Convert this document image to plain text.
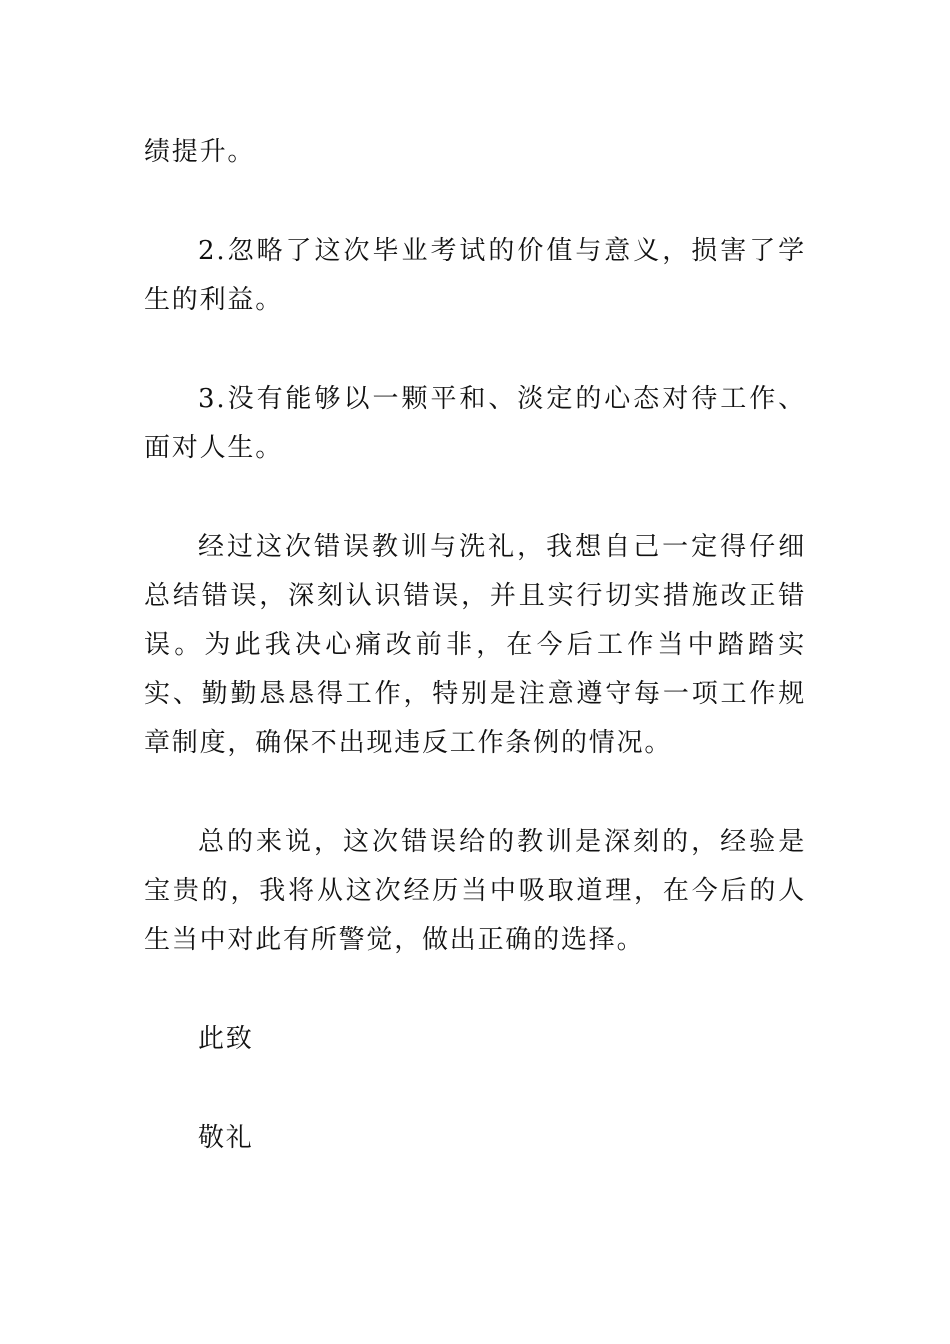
绩提升。

2.忽略了这次毕业考试的价值与意义，损害了学生的利益。

3.没有能够以一颗平和、淡定的心态对待工作、面对人生。

经过这次错误教训与洗礼，我想自己一定得仔细总结错误，深刻认识错误，并且实行切实措施改正错误。为此我决心痛改前非，在今后工作当中踏踏实实、勤勤恳恳得工作，特别是注意遵守每一项工作规章制度，确保不出现违反工作条例的情况。

总的来说，这次错误给的教训是深刻的，经验是宝贵的，我将从这次经历当中吸取道理，在今后的人生当中对此有所警觉，做出正确的选择。

此致

敬礼
